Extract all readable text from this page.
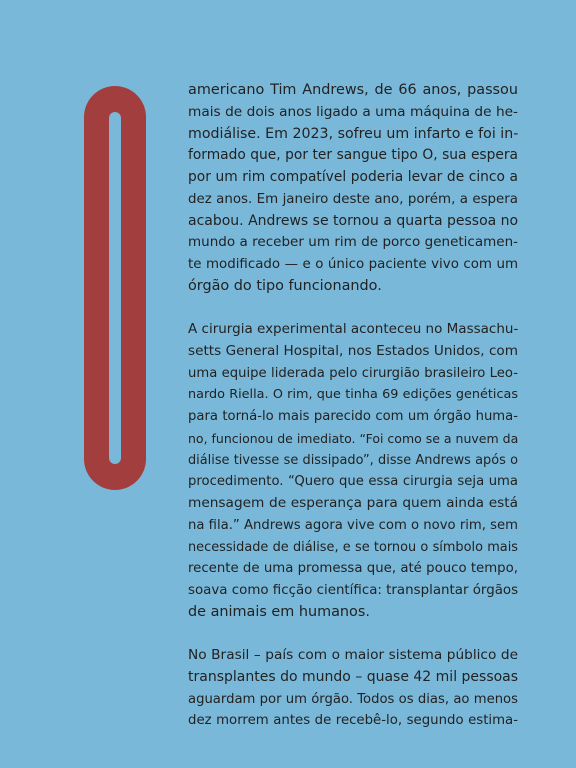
americano Tim Andrews, de 66 anos, passou
mais de dois anos ligado a uma máquina de he-
modiálise. Em 2023, sofreu um infarto e foi in-
formado que, por ter sangue tipo O, sua espera
por um rim compatível poderia levar de cinco a
dez anos. Em janeiro deste ano, porém, a espera
acabou. Andrews se tornou a quarta pessoa no
mundo a receber um rim de porco geneticamen-
te modificado — e o único paciente vivo com um
órgão do tipo funcionando.
A cirurgia experimental aconteceu no Massachu-
setts General Hospital, nos Estados Unidos, com
uma equipe liderada pelo cirurgião brasileiro Leo-
nardo Riella. O rim, que tinha 69 edições genéticas
para torná-lo mais parecido com um órgão huma-
no, funcionou de imediato. “Foi como se a nuvem da
diálise tivesse se dissipado”, disse Andrews após o
procedimento. “Quero que essa cirurgia seja uma
mensagem de esperança para quem ainda está
na fila.” Andrews agora vive com o novo rim, sem
necessidade de diálise, e se tornou o símbolo mais
recente de uma promessa que, até pouco tempo,
soava como ficção científica: transplantar órgãos
de animais em humanos.
No Brasil – país com o maior sistema público de
transplantes do mundo – quase 42 mil pessoas
aguardam por um órgão. Todos os dias, ao menos
dez morrem antes de recebê-lo, segundo estima-
